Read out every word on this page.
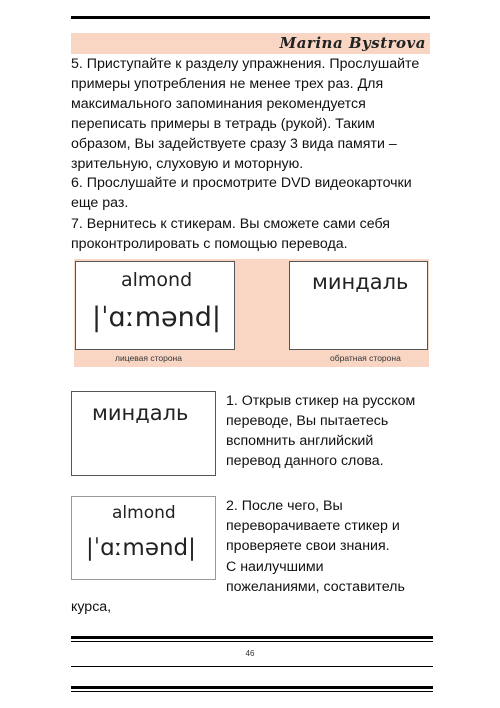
Marina Bystrova

5. Приступайте к разделу упражнения. Прослушайте примеры употребления не менее трех раз. Для максимального запоминания рекомендуется переписать примеры в тетрадь (рукой). Таким образом, Вы задействуете сразу 3 вида памяти – зрительную, слуховую и моторную.

6. Прослушайте и просмотрите DVD видеокарточки еще раз.

7. Вернитесь к стикерам. Вы сможете сами себя проконтролировать с помощью перевода.

almond
|ˈɑːmənd|
лицевая сторона
миндаль
обратная сторона
миндаль	1. Открыв стикер на русском переводе, Вы пытаетесь вспомнить английский перевод данного слова.

almond
|ˈɑːmənd|

2. После чего, Вы переворачиваете стикер и проверяете свои знания.

С наилучшими

пожеланиями, составитель

курса,

46
